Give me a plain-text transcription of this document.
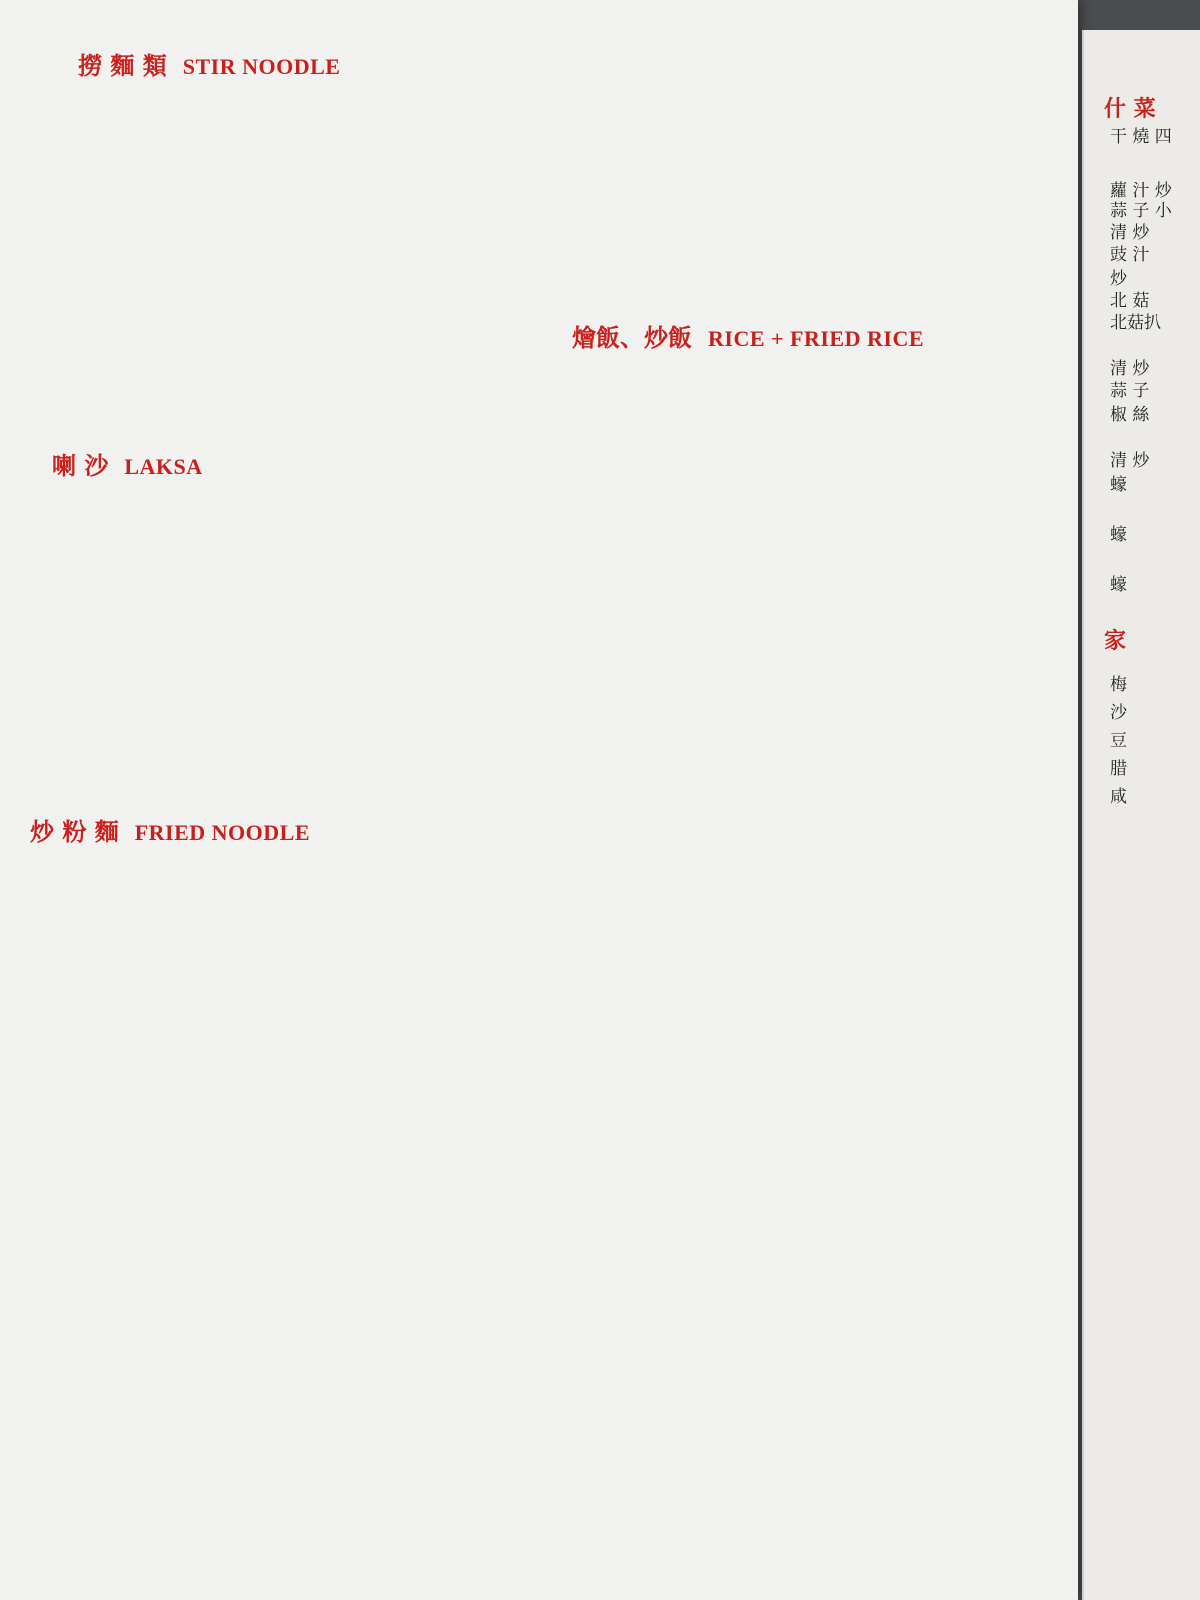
撈 麵 類 STIR NOODLE
喇 沙 LAKSA
炒 粉 麵 FRIED NOODLE
燴飯、炒飯 RICE + FRIED RICE
什 菜
干 燒 四
蘿 汁 炒
蒜 子 小
清 炒
豉 汁
炒
北 菇
北菇扒
清 炒
蒜 子
椒 絲
清 炒
蠔
蠔
蠔
家
梅
沙
豆
腊
咸
